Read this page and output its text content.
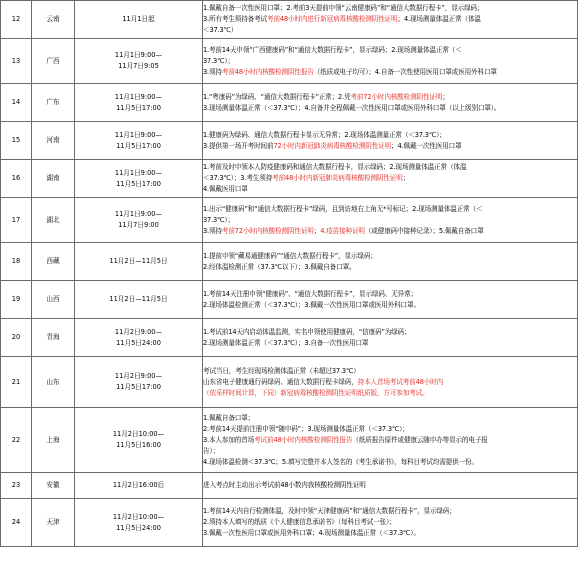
12	云南	11月1日起	1.佩戴自备一次性医用口罩；2.考前3天提前申领“云南健康码”和“通信大数据行程卡”，显示绿码；
3.所有考生须持备考试考前48小时内进行新冠病毒核酸检测阴性证明；4.现场测量体温正常（体温
＜37.3℃）

13	广西	11月1日9:00—
11月7日9:05	1.考前14天申领“广西健康码”和“通信大数据行程卡”，显示绿码；2.现场测量体温正常（＜
37.3℃）；
3.须持考前48小时内核酸检测阴性报告（纸质或电子均可）；4.自备一次性使用医用口罩或医用外科口罩

14	广东	11月1日9:00—
11月5日17:00	1.“粤康码”为绿码、“通信大数据行程卡”正常；2.凭考前72小时内核酸检测阴性证明；
3.现场测量体温正常（＜37.3℃）；4.自备并全程佩戴一次性医用口罩或医用外科口罩（以上级别口罩）。

15	河南	11月1日9:00—
11月5日17:00	1.健康码为绿码、通信大数据行程卡显示无异常；2.现场体温测量正常（＜37.3℃）；
3.提供第一场开考时间前72小时内新冠肺炎病毒核酸检测阴性证明；4.佩戴一次性医用口罩

16	湖南	11月1日9:00—
11月5日17:00	1.考前及时申领本人防疫健康码和通信大数据行程卡，显示绿码；2.现场测量体温正常（体温
＜37.3℃）；3.考生须持考前48小时内新冠肺炎病毒核酸检测阴性证明；
4.佩戴医用口罩

17	湖北	11月1日9:00—
11月7日9:00	1.出示“健康码”和“通信大数据行程卡”绿码，且到访地右上角无*号标记；2.现场测量体温正常（＜
37.3℃）；
3.须持考前72小时内核酸检测阴性证明；4.疫苗接种证明（或健康码中接种记录）；5.佩戴自备口罩

18	西藏	11月2日—11月5日	1.提前申领“藏易通健康码”“通信大数据行程卡”，显示绿码；
2.经体温检测正常（37.3℃以下）；3.佩戴自备口罩。

19	山西	11月2日—11月5日	1.考前14天注册申领“健康码”、“通信大数据行程卡”，显示绿码、无异常；
2.现场体温检测正常（＜37.3℃）；3.佩戴一次性医用口罩或医用外科口罩。

20	青海	11月2日9:00—
11月5日24:00	1.考试前14天内启动体温监测，实名申领使用健康码，“信康码”为绿码；
2.现场测量体温正常（＜37.3℃）；3.自备一次性医用口罩

21	山东	11月2日9:00—
11月5日17:00	考试当日，考生经现场检测体温正常（未超过37.3℃）
山东省电子健康通行码绿码、通信大数据行程卡绿码，持本人首场考试考前48小时内
（依采样时间计算，下同）新冠病毒核酸检测阴性证明纸质版，方可参加考试。

22	上海	11月2日10:00—
11月5日16:00	1.佩戴自备口罩；
2.考前14天提前注册申领“随申码”；3.现场测量体温正常（＜37.3℃）；
3.本人参加的首场考试前48小时内核酸检测阴性报告（纸质报告原件或健康云随申办等显示的电子报
告）；
4.现场体温检测＜37.3℃；5.填写完整并本人签名的《考生承诺书》，每科目考试均需提供一份。

23	安徽	11月2日16:00后	进入考点时主动出示考试前48小数内我核酸检测阴性证明

24	天津	11月2日10:00—
11月5日24:00	1.考前14天内自行检测体温，及时申领“天津健康码”和“通信大数据行程卡”，显示绿码；
2.须持本人填写的纸质《个人健康信息承诺书》（每科目考试一张）；
3.佩戴一次性医用口罩或医用外科口罩；4.现场测量体温正常（＜37.3℃）。
